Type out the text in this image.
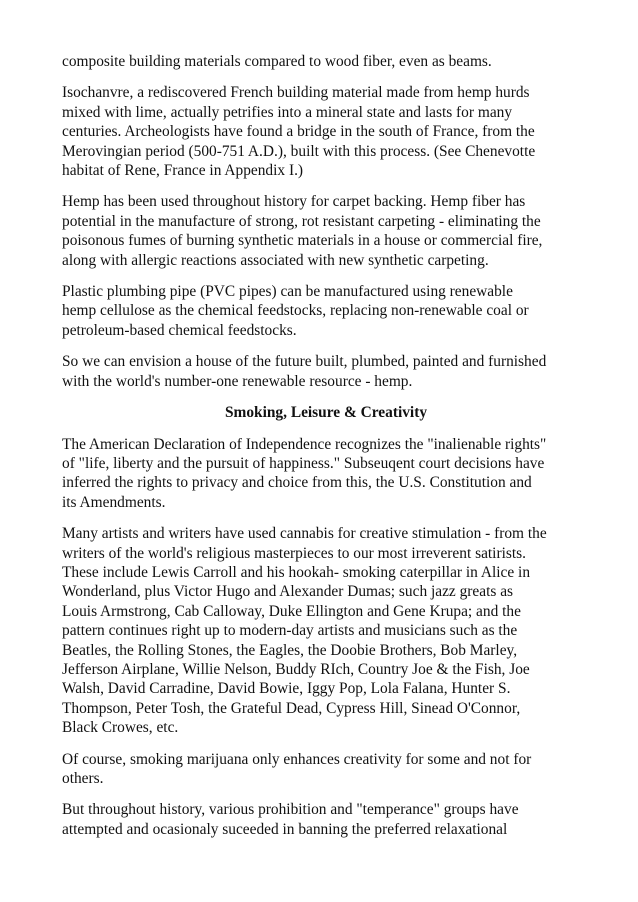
composite building materials compared to wood fiber, even as beams.

Isochanvre, a rediscovered French building material made from hemp hurds
mixed with lime, actually petrifies into a mineral state and lasts for many
centuries. Archeologists have found a bridge in the south of France, from the
Merovingian period (500-751 A.D.), built with this process. (See Chenevotte
habitat of Rene, France in Appendix I.)

Hemp has been used throughout history for carpet backing. Hemp fiber has
potential in the manufacture of strong, rot resistant carpeting - eliminating the
poisonous fumes of burning synthetic materials in a house or commercial fire,
along with allergic reactions associated with new synthetic carpeting.

Plastic plumbing pipe (PVC pipes) can be manufactured using renewable
hemp cellulose as the chemical feedstocks, replacing non-renewable coal or
petroleum-based chemical feedstocks.

So we can envision a house of the future built, plumbed, painted and furnished
with the world's number-one renewable resource - hemp.

Smoking, Leisure & Creativity

The American Declaration of Independence recognizes the "inalienable rights"
of "life, liberty and the pursuit of happiness." Subseuqent court decisions have
inferred the rights to privacy and choice from this, the U.S. Constitution and
its Amendments.

Many artists and writers have used cannabis for creative stimulation - from the
writers of the world's religious masterpieces to our most irreverent satirists.
These include Lewis Carroll and his hookah- smoking caterpillar in Alice in
Wonderland, plus Victor Hugo and Alexander Dumas; such jazz greats as
Louis Armstrong, Cab Calloway, Duke Ellington and Gene Krupa; and the
pattern continues right up to modern-day artists and musicians such as the
Beatles, the Rolling Stones, the Eagles, the Doobie Brothers, Bob Marley,
Jefferson Airplane, Willie Nelson, Buddy RIch, Country Joe & the Fish, Joe
Walsh, David Carradine, David Bowie, Iggy Pop, Lola Falana, Hunter S.
Thompson, Peter Tosh, the Grateful Dead, Cypress Hill, Sinead O'Connor,
Black Crowes, etc.

Of course, smoking marijuana only enhances creativity for some and not for
others.

But throughout history, various prohibition and "temperance" groups have
attempted and ocasionaly suceeded in banning the preferred relaxational
